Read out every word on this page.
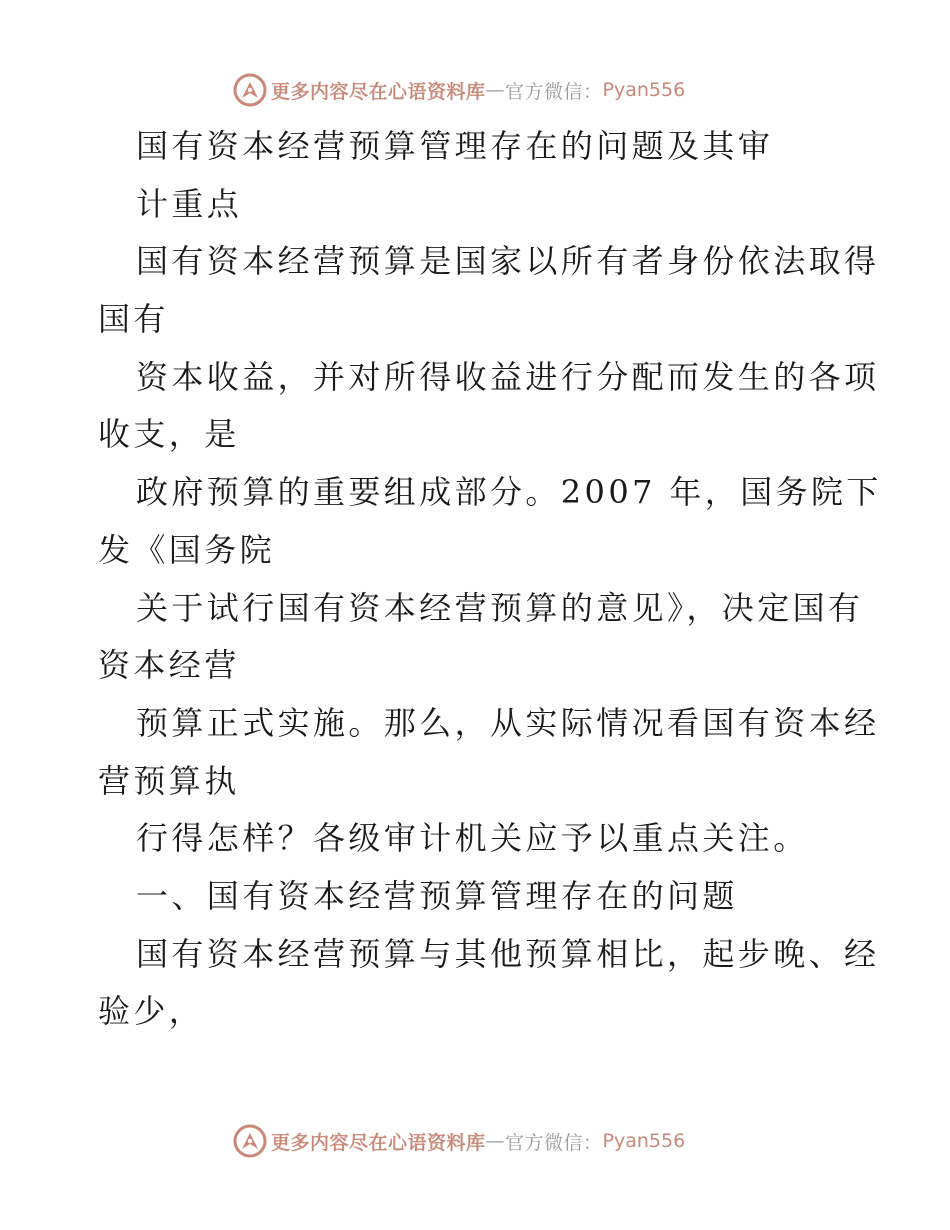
更多内容尽在心语资料库 — 官方微信： Pyan556
国有资本经营预算管理存在的问题及其审
计重点
国有资本经营预算是国家以所有者身份依法取得
国有
资本收益，并对所得收益进行分配而发生的各项
收支，是
政府预算的重要组成部分。2007 年，国务院下
发《国务院
关于试行国有资本经营预算的意见》，决定国有
资本经营
预算正式实施。那么，从实际情况看国有资本经
营预算执
行得怎样？各级审计机关应予以重点关注。
一、国有资本经营预算管理存在的问题
国有资本经营预算与其他预算相比，起步晚、经
验少，
更多内容尽在心语资料库 — 官方微信： Pyan556
